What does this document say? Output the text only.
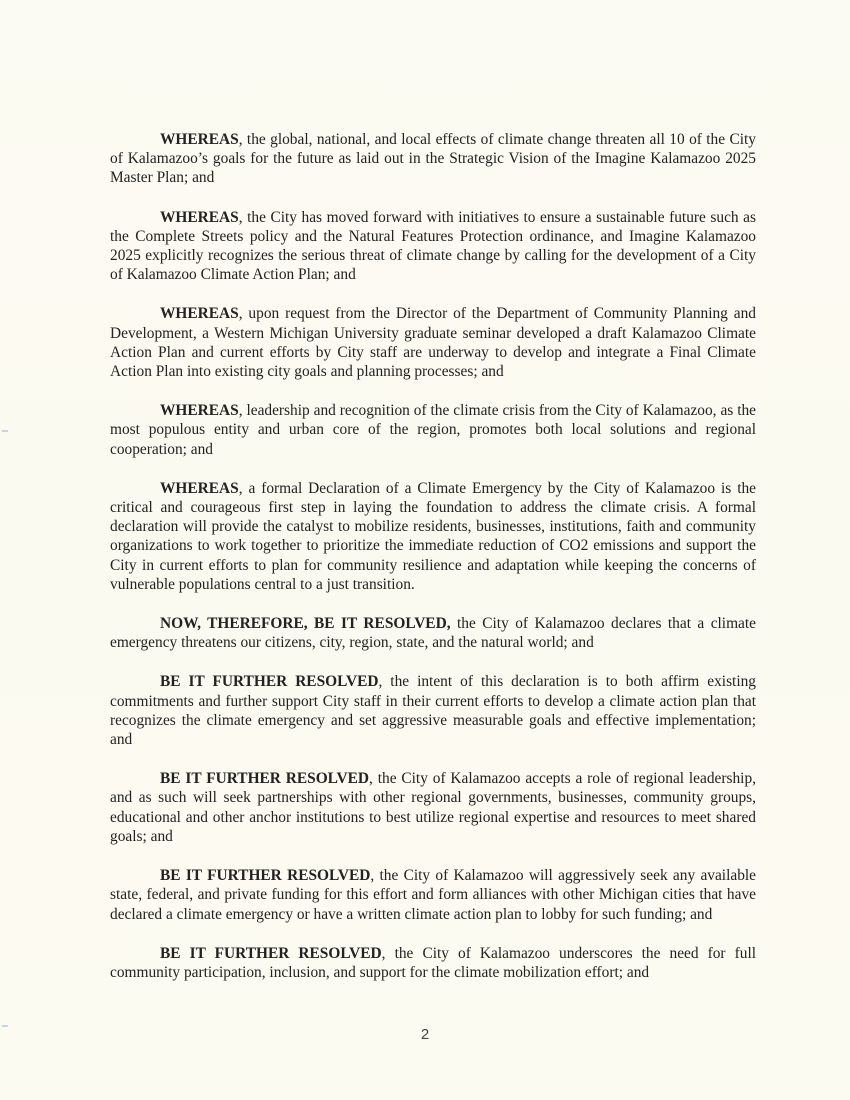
WHEREAS, the global, national, and local effects of climate change threaten all 10 of the City of Kalamazoo’s goals for the future as laid out in the Strategic Vision of the Imagine Kalamazoo 2025 Master Plan; and

WHEREAS, the City has moved forward with initiatives to ensure a sustainable future such as the Complete Streets policy and the Natural Features Protection ordinance, and Imagine Kalamazoo 2025 explicitly recognizes the serious threat of climate change by calling for the development of a City of Kalamazoo Climate Action Plan; and

WHEREAS, upon request from the Director of the Department of Community Planning and Development, a Western Michigan University graduate seminar developed a draft Kalamazoo Climate Action Plan and current efforts by City staff are underway to develop and integrate a Final Climate Action Plan into existing city goals and planning processes; and

WHEREAS, leadership and recognition of the climate crisis from the City of Kalamazoo, as the most populous entity and urban core of the region, promotes both local solutions and regional cooperation; and

WHEREAS, a formal Declaration of a Climate Emergency by the City of Kalamazoo is the critical and courageous first step in laying the foundation to address the climate crisis. A formal declaration will provide the catalyst to mobilize residents, businesses, institutions, faith and community organizations to work together to prioritize the immediate reduction of CO2 emissions and support the City in current efforts to plan for community resilience and adaptation while keeping the concerns of vulnerable populations central to a just transition.

NOW, THEREFORE, BE IT RESOLVED, the City of Kalamazoo declares that a climate emergency threatens our citizens, city, region, state, and the natural world; and

BE IT FURTHER RESOLVED, the intent of this declaration is to both affirm existing commitments and further support City staff in their current efforts to develop a climate action plan that recognizes the climate emergency and set aggressive measurable goals and effective implementation; and

BE IT FURTHER RESOLVED, the City of Kalamazoo accepts a role of regional leadership, and as such will seek partnerships with other regional governments, businesses, community groups, educational and other anchor institutions to best utilize regional expertise and resources to meet shared goals; and

BE IT FURTHER RESOLVED, the City of Kalamazoo will aggressively seek any available state, federal, and private funding for this effort and form alliances with other Michigan cities that have declared a climate emergency or have a written climate action plan to lobby for such funding; and

BE IT FURTHER RESOLVED, the City of Kalamazoo underscores the need for full community participation, inclusion, and support for the climate mobilization effort; and

2
